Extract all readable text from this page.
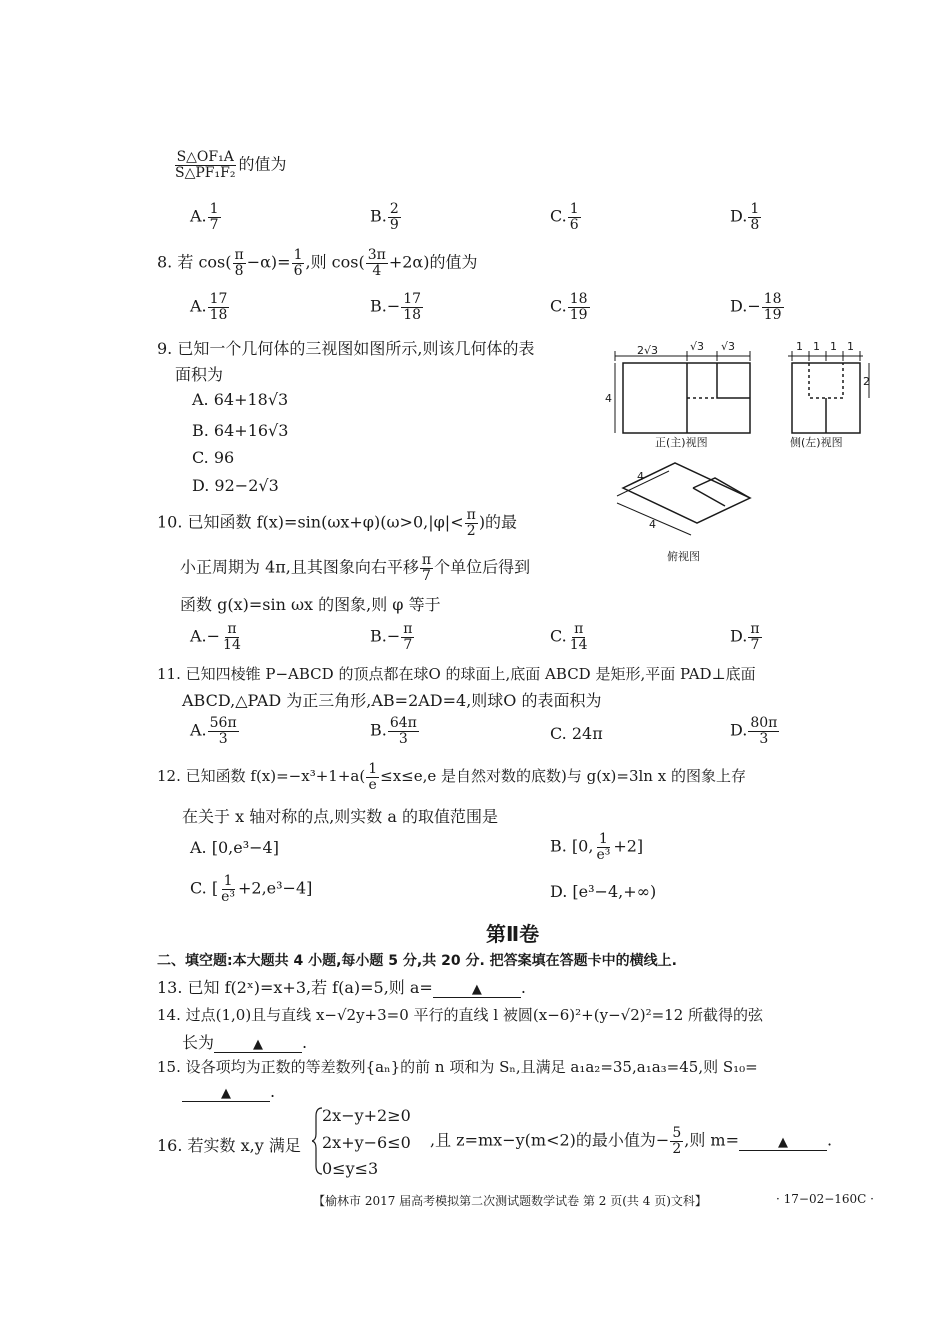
$\frac{\text{S△OF₁A}}{\text{S△PF₁F₂}}$ 的值为
A. $\frac{1}{7}$	B. $\frac{2}{9}$	C. $\frac{1}{6}$	D. $\frac{1}{8}$
8. 若 $\cos( \frac{\pi}{8} -\alpha)= \frac{1}{6}$ ,则 $\cos( \frac{3\pi}{4} +2\alpha)$的值为
A. $\frac{17}{18}$	$B.- \frac{17}{18}$	C. $\frac{18}{19}$	$D.- \frac{18}{19}$
9. 已知一个几何体的三视图如图所示,则该几何体的表
面积为
A. 64+18√3
B. 64+16√3
C. 96
D. 92−2√3
2√3	√3 √3
4
正(主)视图
1 1 1 1
2
侧(左)视图
4
4
俯视图
10. 已知函数 $f(x)=\sin(\omega x+\varphi)(\omega>0,|\varphi|< \frac{\pi}{2}$ )的最
小正周期为 4π,且其图象向右平移 $\frac{\pi}{7}$ 个单位后得到
函数 g(x)=sin ωx 的图象,则 φ 等于
$A.- \frac{\pi}{14}$	$B.- \frac{\pi}{7}$	C. $\frac{\pi}{14}$	D. $\frac{\pi}{7}$
11. 已知四棱锥 P−ABCD 的顶点都在球O 的球面上,底面 ABCD 是矩形,平面 PAD⊥底面
ABCD,△PAD 为正三角形,AB=2AD=4,则球O 的表面积为
A. $\frac{56\pi}{3}$	B. $\frac{64\pi}{3}$	C. 24π	D. $\frac{80\pi}{3}$
12. 已知函数 $f(x)=-x^3+1+a( \frac{1}{e} \le x\le e,e$ 是自然对数的底数)与 g(x)=3ln x 的图象上存
在关于 x 轴对称的点,则实数 a 的取值范围是
A. [0,e³−4]	B. [0, $\frac{1}{\text{e³}} +2$]
C. [ $\frac{1}{\text{e³}} +2,e^3-4$]	D. [e³−4,+∞)
第Ⅱ卷
二、填空题:本大题共 4 小题,每小题 5 分,共 20 分. 把答案填在答题卡中的横线上.
13. 已知 f(2ˣ)=x+3,若 f(a)=5,则 a=	▲ .
14. 过点(1,0)且与直线 x−√2y+3=0 平行的直线 l 被圆(x−6)²+(y−√2)²=12 所截得的弦
长为	▲ .
15. 设各项均为正数的等差数列{aₙ}的前 n 项和为 Sₙ,且满足 a₁a₂=35,a₁a₃=45,则 S₁₀=
▲ .
16. 若实数 x,y 满足
2x−y+2≥0
2x+y−6≤0
0≤y≤3
,且 z=mx−y(m<2)的最小值为− $\frac{5}{2}$ ,则 m=	▲ .
【榆林市 2017 届高考模拟第二次测试题数学试卷 第 2 页(共 4 页)文科】	· 17−02−160C ·
